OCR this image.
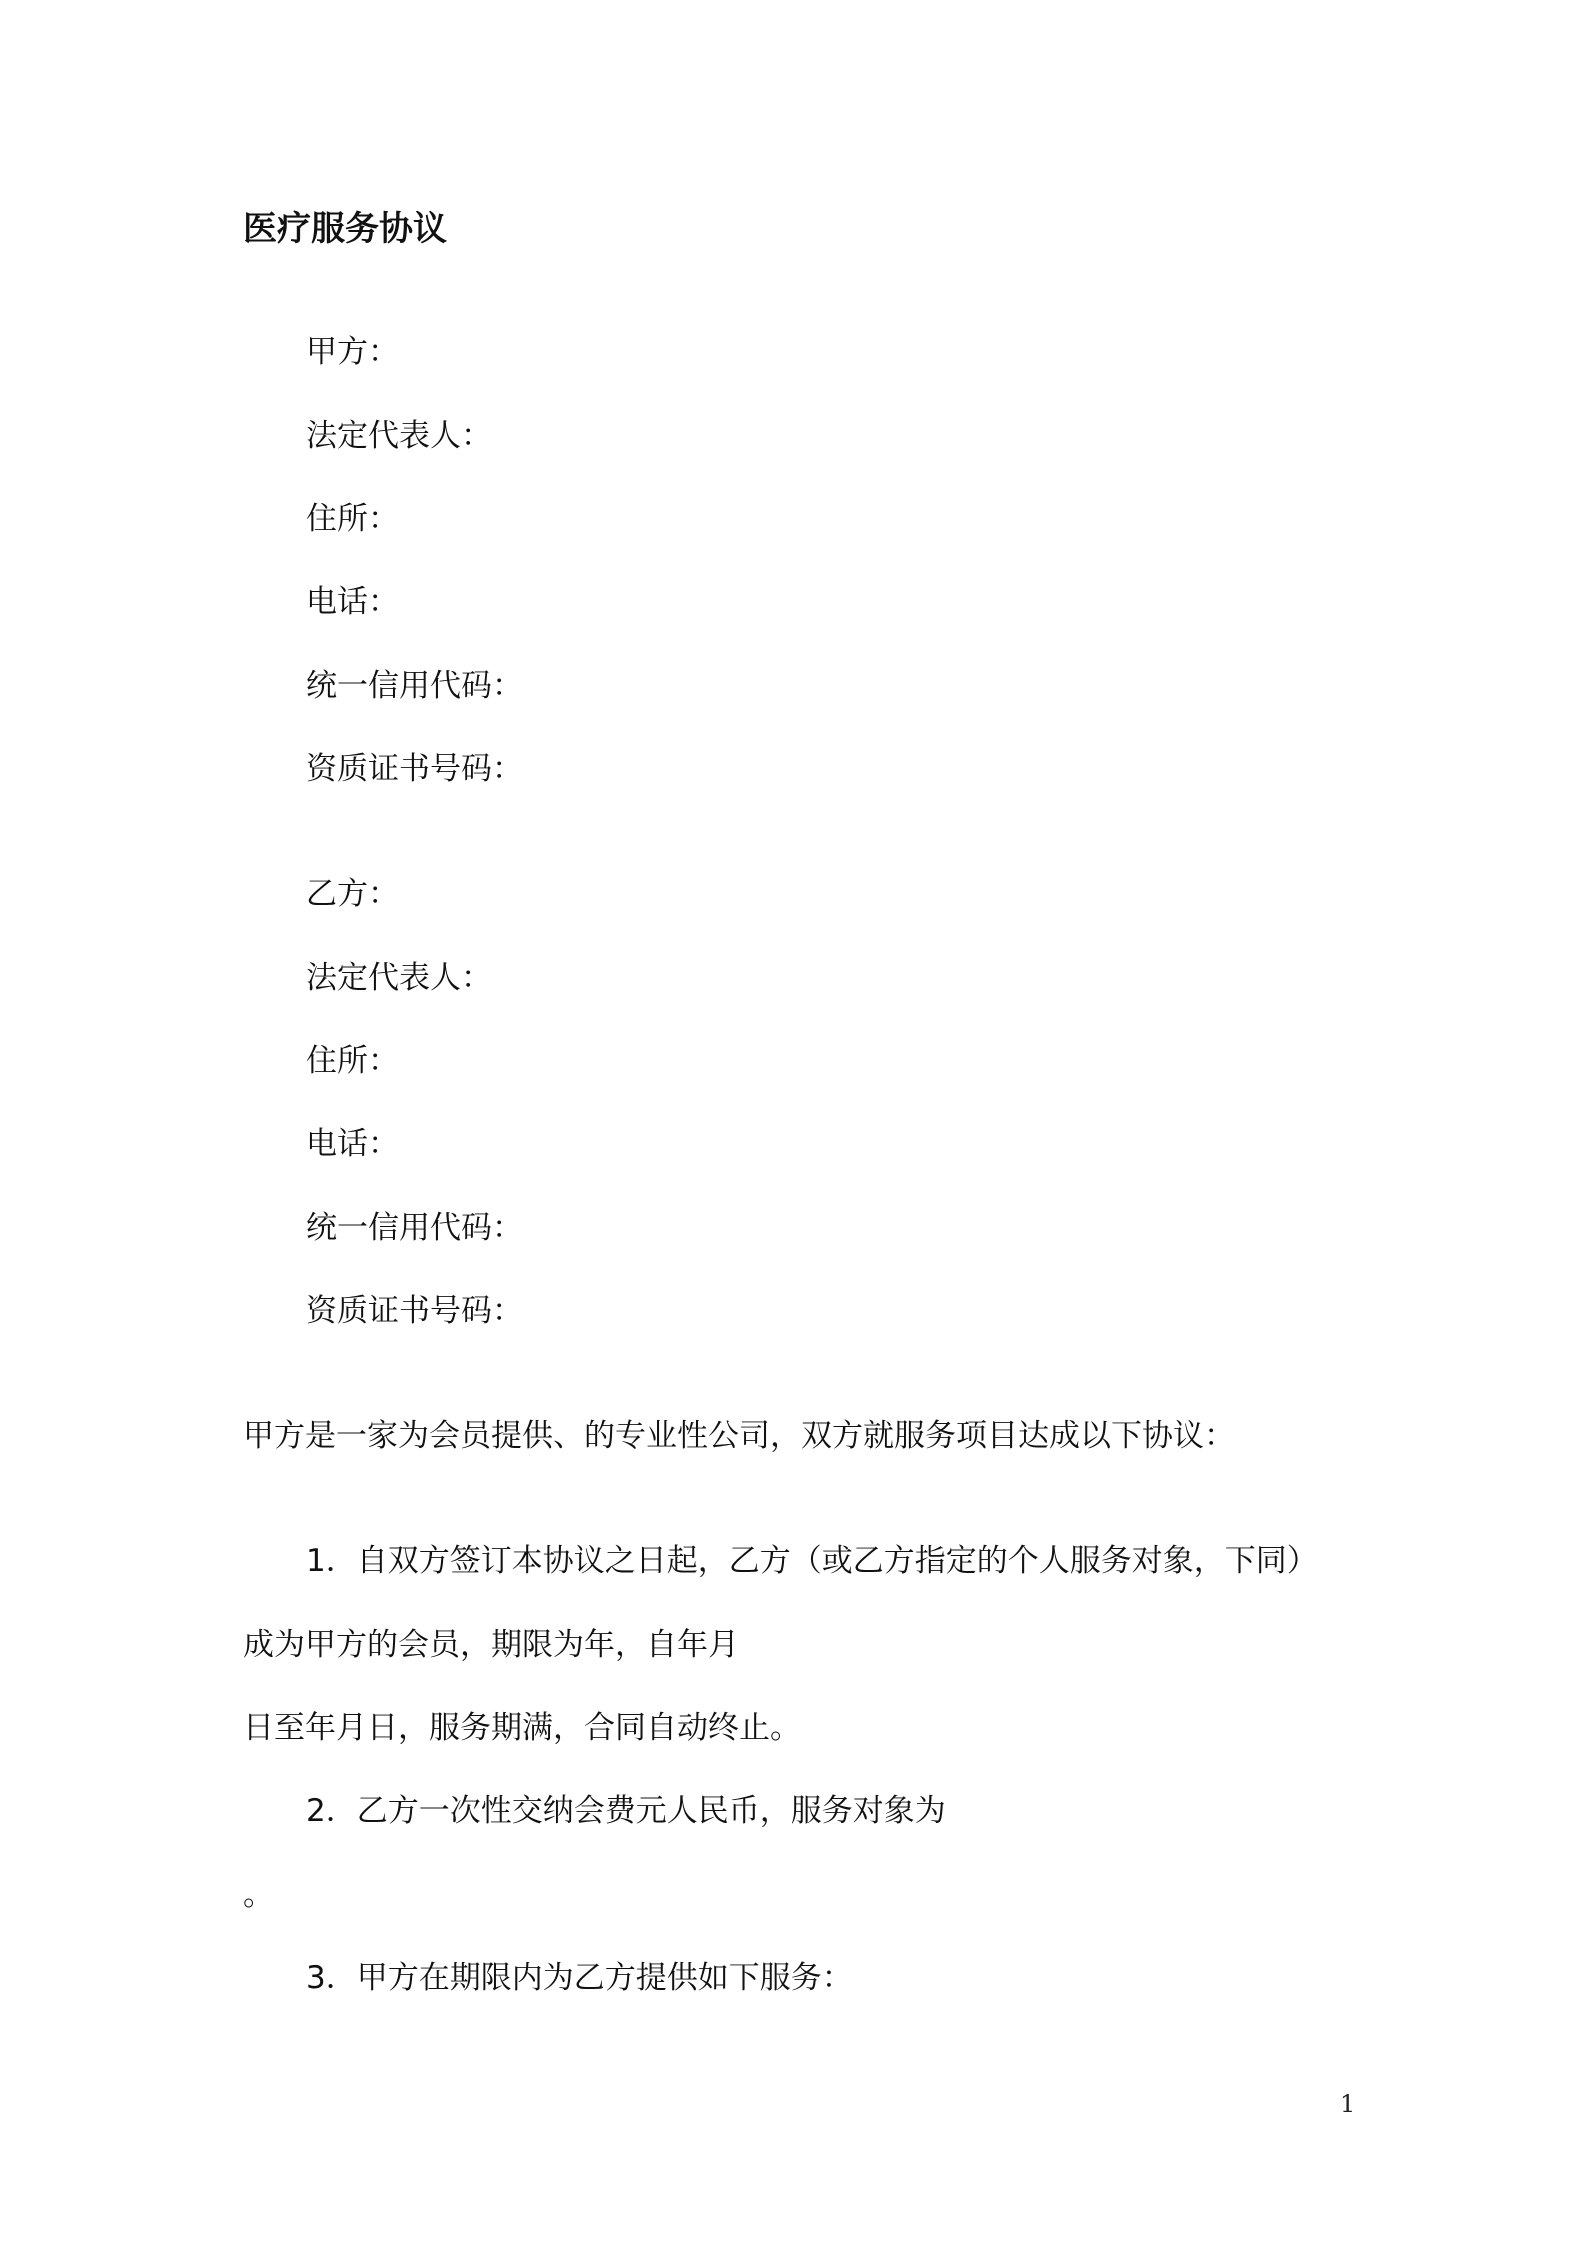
医疗服务协议
甲方：
法定代表人：
住所：
电话：
统一信用代码：
资质证书号码：
乙方：
法定代表人：
住所：
电话：
统一信用代码：
资质证书号码：
甲方是一家为会员提供、的专业性公司，双方就服务项目达成以下协议：
1．自双方签订本协议之日起，乙方（或乙方指定的个人服务对象，下同）
成为甲方的会员，期限为年，自年月
日至年月日，服务期满，合同自动终止。
2．乙方一次性交纳会费元人民币，服务对象为
。
3．甲方在期限内为乙方提供如下服务：
1
